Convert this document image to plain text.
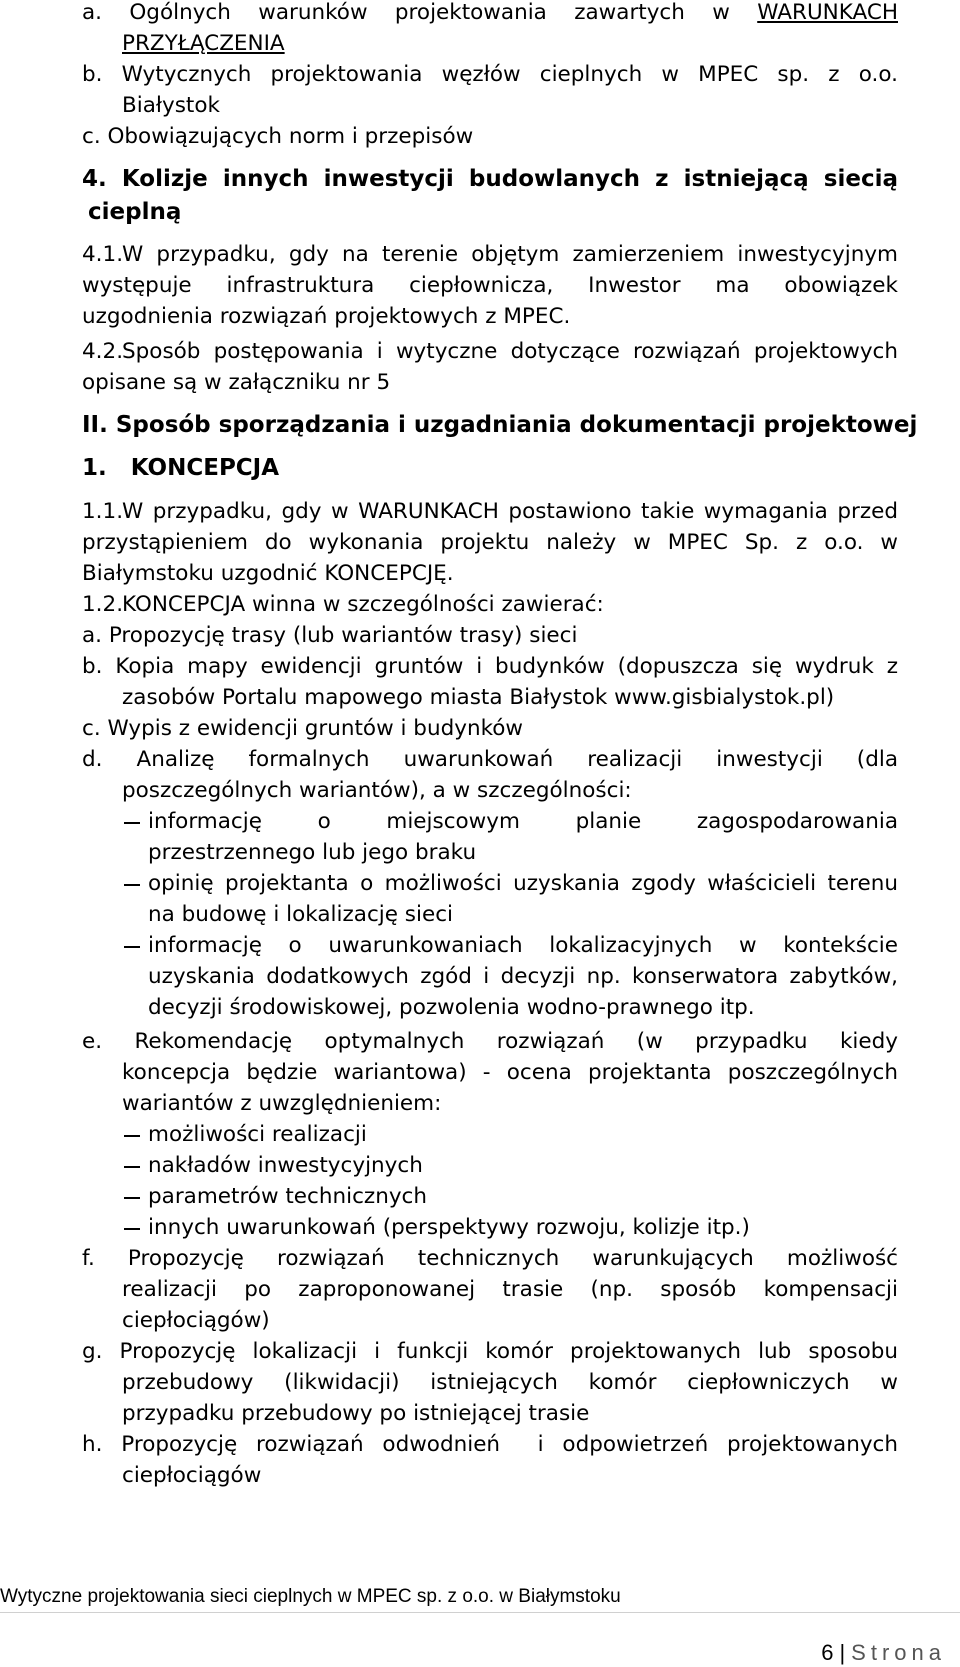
a. Ogólnych warunków projektowania zawartych w WARUNKACH
PRZYŁĄCZENIA
b. Wytycznych projektowania węzłów cieplnych w MPEC sp. z o.o.
Białystok
c. Obowiązujących norm i przepisów
4. Kolizje innych inwestycji budowlanych z istniejącą siecią
cieplną
4.1.
W przypadku, gdy na terenie objętym zamierzeniem inwestycyjnym
występuje infrastruktura ciepłownicza, Inwestor ma obowiązek
uzgodnienia rozwiązań projektowych z MPEC.
4.2.
Sposób postępowania i wytyczne dotyczące rozwiązań projektowych
opisane są w załączniku nr 5
II. Sposób sporządzania i uzgadniania dokumentacji projektowej
1.   KONCEPCJA
1.1.
W przypadku, gdy w WARUNKACH postawiono takie wymagania przed
przystąpieniem do wykonania projektu należy w MPEC Sp. z o.o. w
Białymstoku uzgodnić KONCEPCJĘ.
1.2.
KONCEPCJA winna w szczególności zawierać:
a. Propozycję trasy (lub wariantów trasy) sieci
b. Kopia mapy ewidencji gruntów i budynków (dopuszcza się wydruk z
zasobów Portalu mapowego miasta Białystok www.gisbialystok.pl)
c. Wypis z ewidencji gruntów i budynków
d. Analizę formalnych uwarunkowań realizacji inwestycji (dla
poszczególnych wariantów), a w szczególności:
informację o miejscowym planie zagospodarowania
przestrzennego lub jego braku
opinię projektanta o możliwości uzyskania zgody właścicieli terenu
na budowę i lokalizację sieci
informację o uwarunkowaniach lokalizacyjnych w kontekście
uzyskania dodatkowych zgód i decyzji np. konserwatora zabytków,
decyzji środowiskowej, pozwolenia wodno-prawnego itp.
e. Rekomendację optymalnych rozwiązań (w przypadku kiedy
koncepcja będzie wariantowa) - ocena projektanta poszczególnych
wariantów z uwzględnieniem:
możliwości realizacji
nakładów inwestycyjnych
parametrów technicznych
innych uwarunkowań (perspektywy rozwoju, kolizje itp.)
f. Propozycję rozwiązań technicznych warunkujących możliwość
realizacji po zaproponowanej trasie (np. sposób kompensacji
ciepłociągów)
g. Propozycję lokalizacji i funkcji komór projektowanych lub sposobu
przebudowy (likwidacji) istniejących komór ciepłowniczych w
przypadku przebudowy po istniejącej trasie
h. Propozycję rozwiązań odwodnień  i odpowietrzeń projektowanych
ciepłociągów
Wytyczne projektowania sieci cieplnych w MPEC sp. z o.o. w Białymstoku
6 | Strona
